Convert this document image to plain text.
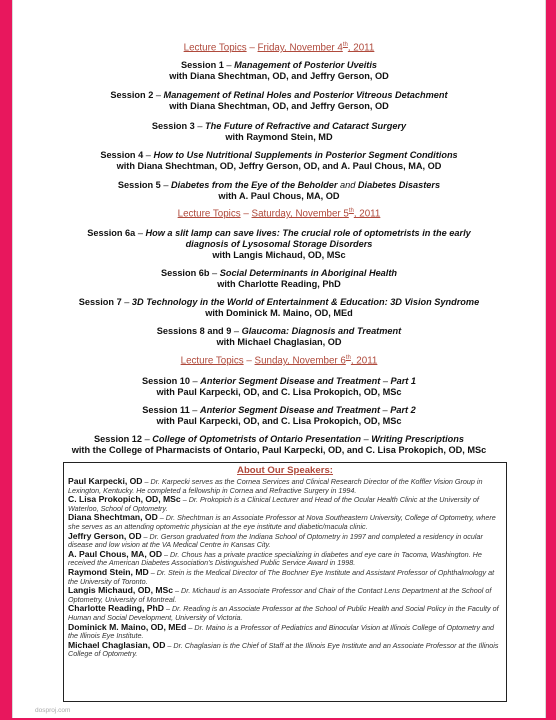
Lecture Topics – Friday, November 4th, 2011
Session 1 – Management of Posterior Uveitis
with Diana Shechtman, OD, and Jeffry Gerson, OD
Session 2 – Management of Retinal Holes and Posterior Vitreous Detachment
with Diana Shechtman, OD, and Jeffry Gerson, OD
Session 3 – The Future of Refractive and Cataract Surgery
with Raymond Stein, MD
Session 4 – How to Use Nutritional Supplements in Posterior Segment Conditions
with Diana Shechtman, OD, Jeffry Gerson, OD, and A. Paul Chous, MA, OD
Session 5 – Diabetes from the Eye of the Beholder and Diabetes Disasters
with A. Paul Chous, MA, OD
Lecture Topics – Saturday, November 5th, 2011
Session 6a – How a slit lamp can save lives: The crucial role of optometrists in the early
diagnosis of Lysosomal Storage Disorders
with Langis Michaud, OD, MSc
Session 6b – Social Determinants in Aboriginal Health
with Charlotte Reading, PhD
Session 7 – 3D Technology in the World of Entertainment & Education: 3D Vision Syndrome
with Dominick M. Maino, OD, MEd
Sessions 8 and 9 – Glaucoma: Diagnosis and Treatment
with Michael Chaglasian, OD
Lecture Topics – Sunday, November 6th, 2011
Session 10 – Anterior Segment Disease and Treatment – Part 1
with Paul Karpecki, OD, and C. Lisa Prokopich, OD, MSc
Session 11 – Anterior Segment Disease and Treatment – Part 2
with Paul Karpecki, OD, and C. Lisa Prokopich, OD, MSc
Session 12 – College of Optometrists of Ontario Presentation – Writing Prescriptions
with the College of Pharmacists of Ontario, Paul Karpecki, OD, and C. Lisa Prokopich, OD, MSc
About Our Speakers:
Paul Karpecki, OD – Dr. Karpecki serves as the Cornea Services and Clinical Research Director of the Koffler Vision Group in Lexington, Kentucky. He completed a fellowship in Cornea and Refractive Surgery in 1994.
C. Lisa Prokopich, OD, MSc – Dr. Prokopich is a Clinical Lecturer and Head of the Ocular Health Clinic at the University of Waterloo, School of Optometry.
Diana Shechtman, OD – Dr. Shechtman is an Associate Professor at Nova Southeastern University, College of Optometry, where she serves as an attending optometric physician at the eye institute and diabetic/macula clinic.
Jeffry Gerson, OD – Dr. Gerson graduated from the Indiana School of Optometry in 1997 and completed a residency in ocular disease and low vision at the VA Medical Centre in Kansas City.
A. Paul Chous, MA, OD – Dr. Chous has a private practice specializing in diabetes and eye care in Tacoma, Washington. He received the American Diabetes Association's Distinguished Public Service Award in 1998.
Raymond Stein, MD – Dr. Stein is the Medical Director of The Bochner Eye Institute and Assistant Professor of Ophthalmology at the University of Toronto.
Langis Michaud, OD, MSc – Dr. Michaud is an Associate Professor and Chair of the Contact Lens Department at the School of Optometry, University of Montreal.
Charlotte Reading, PhD – Dr. Reading is an Associate Professor at the School of Public Health and Social Policy in the Faculty of Human and Social Development, University of Victoria.
Dominick M. Maino, OD, MEd – Dr. Maino is a Professor of Pediatrics and Binocular Vision at Illinois College of Optometry and the Illinois Eye Institute.
Michael Chaglasian, OD – Dr. Chaglasian is the Chief of Staff at the Illinois Eye Institute and an Associate Professor at the Illinois College of Optometry.
dosproj.com
